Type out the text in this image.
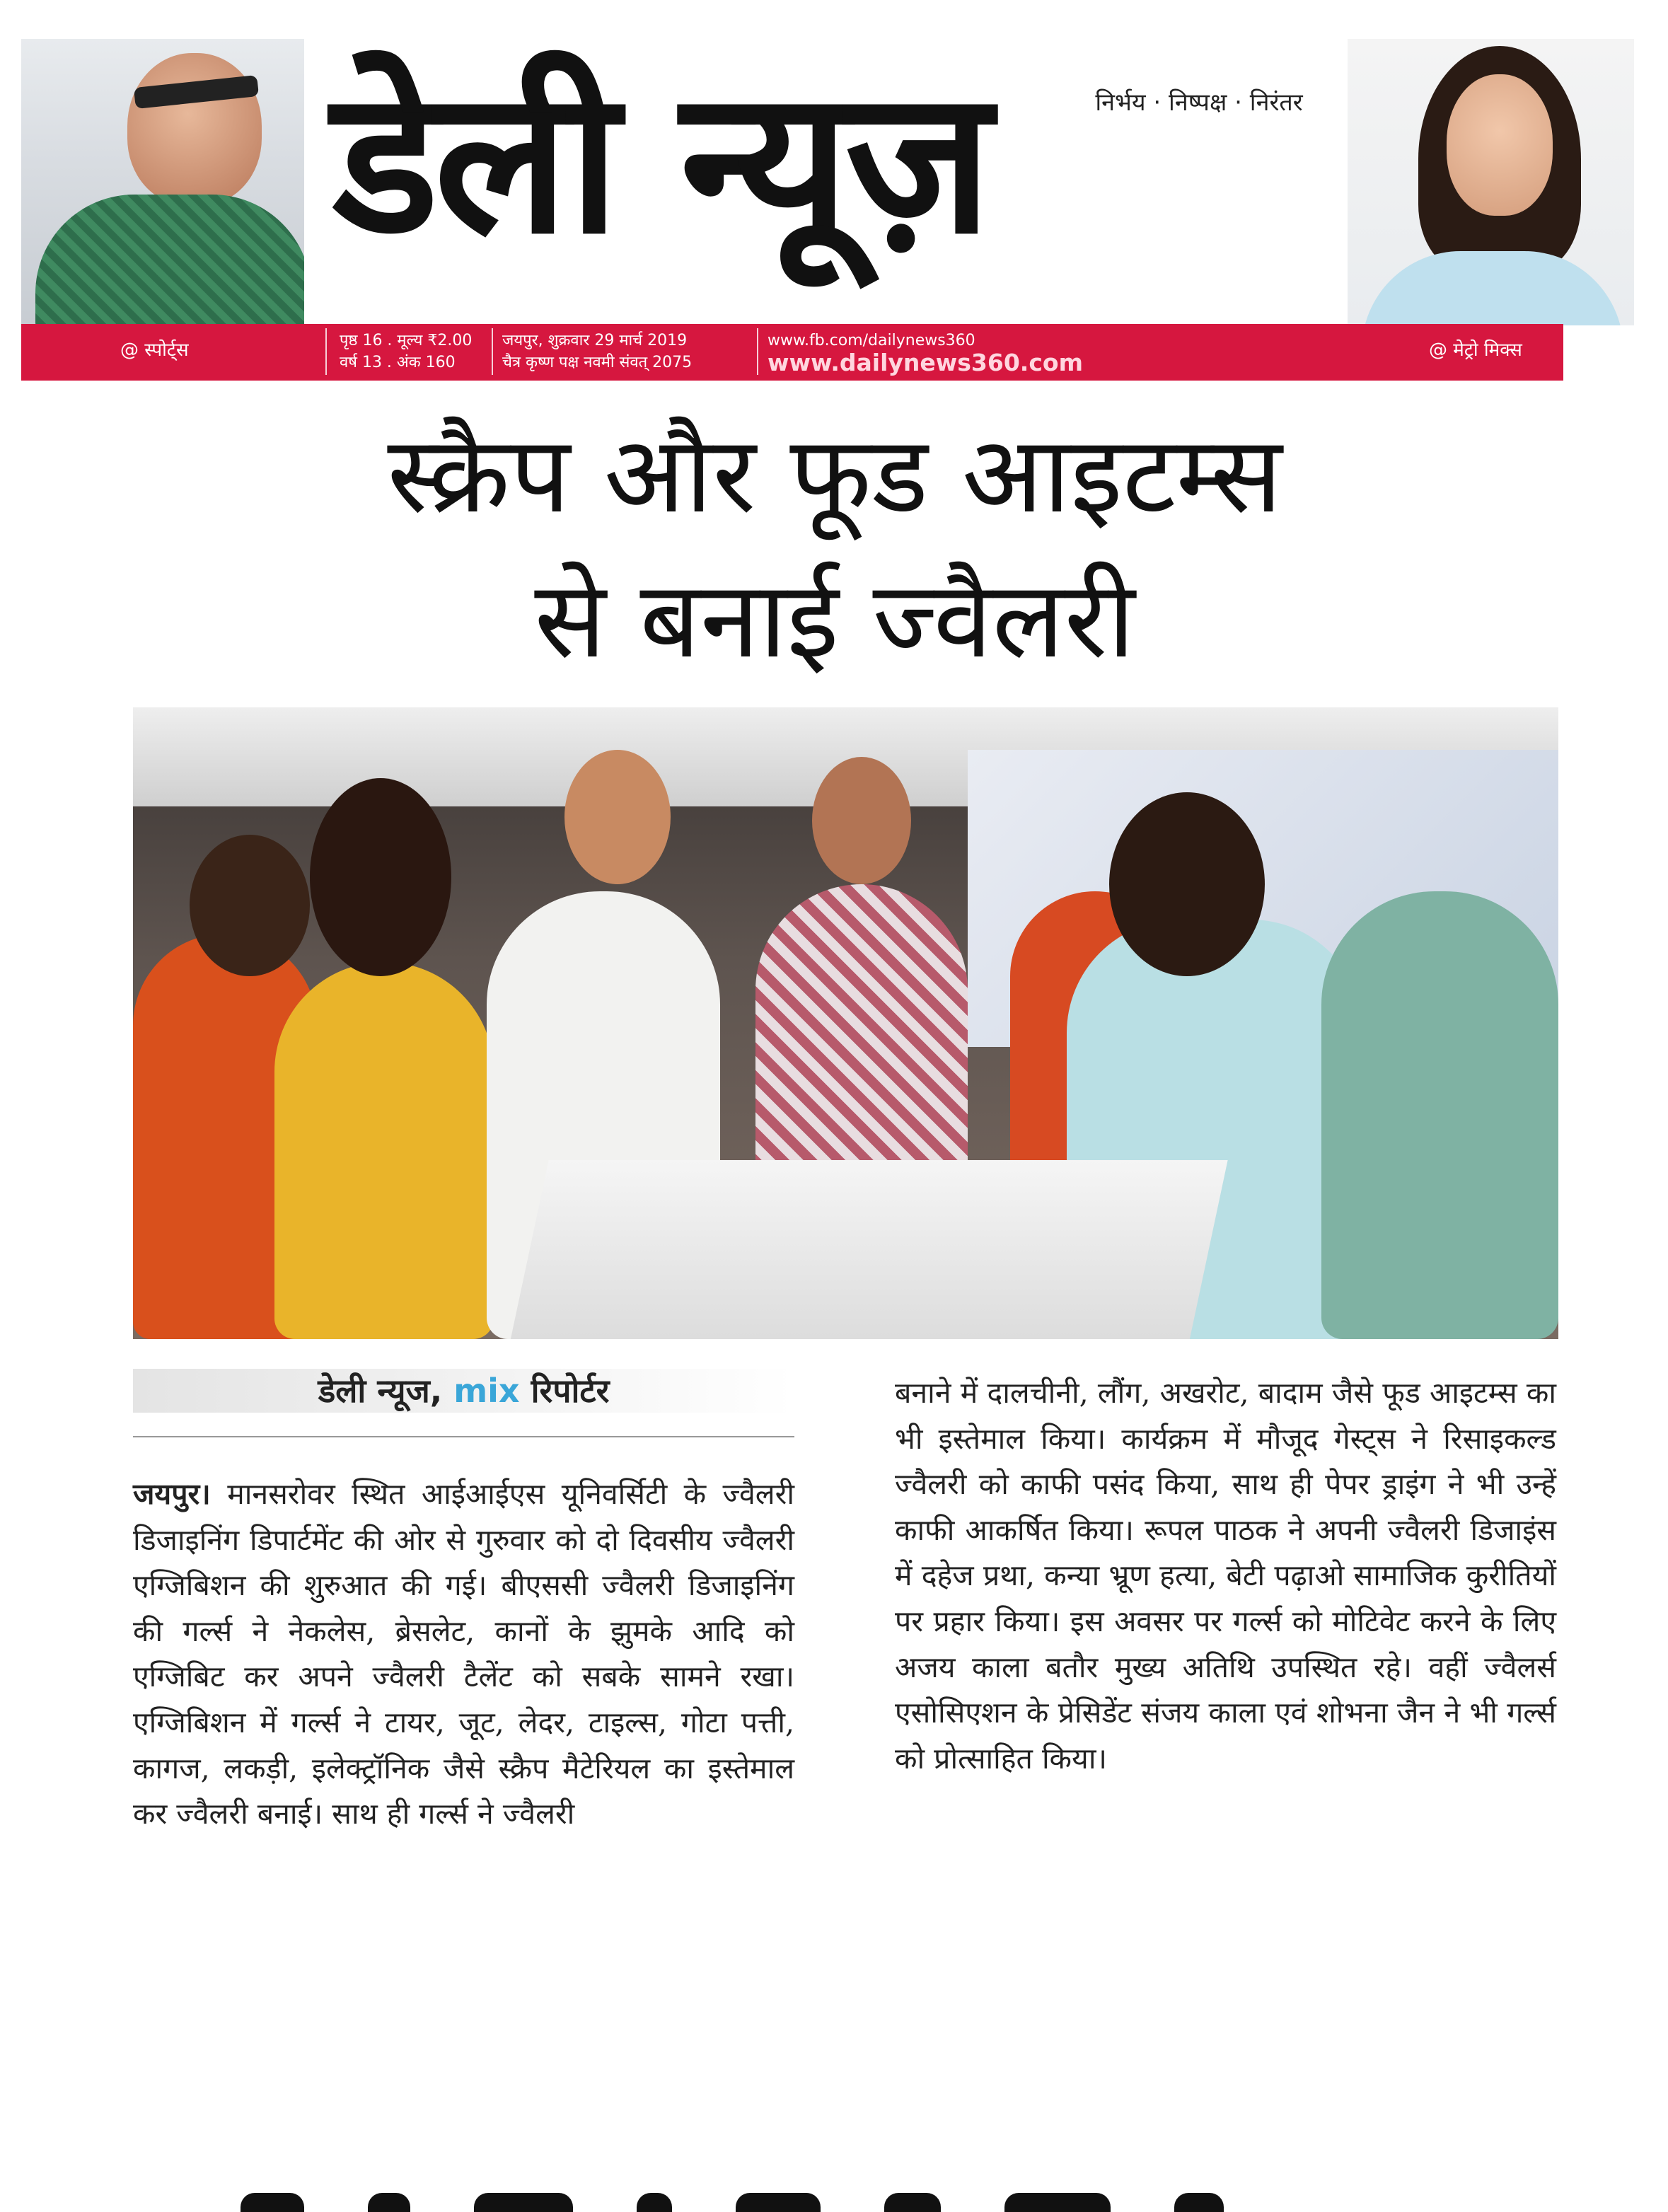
डेली न्यूज़	निर्भय · निष्पक्ष · निरंतर
@ स्पोर्ट्स	पृष्ठ 16 . मूल्य ₹2.00
वर्ष 13 . अंक 160
जयपुर, शुक्रवार 29 मार्च 2019
चैत्र कृष्ण पक्ष नवमी संवत् 2075
www.fb.com/dailynews360
www.dailynews360.com	@ मेट्रो मिक्स
स्क्रैप और फूड आइटम्स
से बनाई ज्वैलरी
डेली न्यूज, mix रिपोर्टर
जयपुर। मानसरोवर स्थित आईआईएस यूनिवर्सिटी के ज्वैलरी डिजाइनिंग डिपार्टमेंट की ओर से गुरुवार को दो दिवसीय ज्वैलरी एग्जिबिशन की शुरुआत की गई। बीएससी ज्वैलरी डिजाइनिंग की गर्ल्स ने नेकलेस, ब्रेसलेट, कानों के झुमके आदि को एग्जिबिट कर अपने ज्वैलरी टैलेंट को सबके सामने रखा। एग्जिबिशन में गर्ल्स ने टायर, जूट, लेदर, टाइल्स, गोटा पत्ती, कागज, लकड़ी, इलेक्ट्रॉनिक जैसे स्क्रैप मैटेरियल का इस्तेमाल कर ज्वैलरी बनाई। साथ ही गर्ल्स ने ज्वैलरी
बनाने में दालचीनी, लौंग, अखरोट, बादाम जैसे फूड आइटम्स का भी इस्तेमाल किया। कार्यक्रम में मौजूद गेस्ट्स ने रिसाइकल्ड ज्वैलरी को काफी पसंद किया, साथ ही पेपर ड्राइंग ने भी उन्हें काफी आकर्षित किया। रूपल पाठक ने अपनी ज्वैलरी डिजाइंस में दहेज प्रथा, कन्या भ्रूण हत्या, बेटी पढ़ाओ सामाजिक कुरीतियों पर प्रहार किया। इस अवसर पर गर्ल्स को मोटिवेट करने के लिए अजय काला बतौर मुख्य अतिथि उपस्थित रहे। वहीं ज्वैलर्स एसोसिएशन के प्रेसिडेंट संजय काला एवं शोभना जैन ने भी गर्ल्स को प्रोत्साहित किया।
